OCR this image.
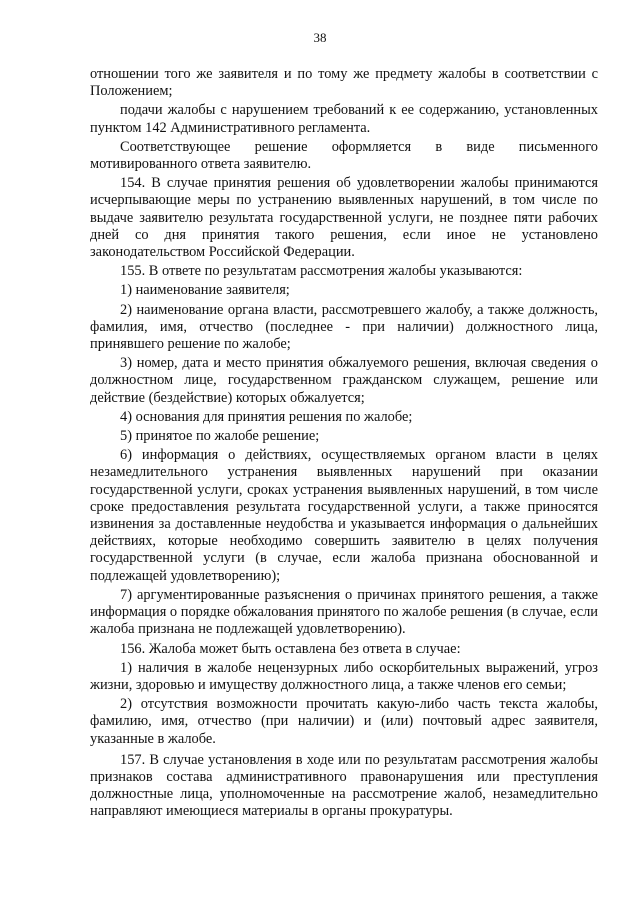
38

отношении того же заявителя и по тому же предмету жалобы в соответствии с Положением;

подачи жалобы с нарушением требований к ее содержанию, установленных пунктом 142 Административного регламента.

Соответствующее решение оформляется в виде письменного мотивированного ответа заявителю.

154. В случае принятия решения об удовлетворении жалобы принимаются исчерпывающие меры по устранению выявленных нарушений, в том числе по выдаче заявителю результата государственной услуги, не позднее пяти рабочих дней со дня принятия такого решения, если иное не установлено законодательством Российской Федерации.

155. В ответе по результатам рассмотрения жалобы указываются:

1) наименование заявителя;

2) наименование органа власти, рассмотревшего жалобу, а также должность, фамилия, имя, отчество (последнее - при наличии) должностного лица, принявшего решение по жалобе;

3) номер, дата и место принятия обжалуемого решения, включая сведения о должностном лице, государственном гражданском служащем, решение или действие (бездействие) которых обжалуется;

4) основания для принятия решения по жалобе;

5) принятое по жалобе решение;

6) информация о действиях, осуществляемых органом власти в целях незамедлительного устранения выявленных нарушений при оказании государственной услуги, сроках устранения выявленных нарушений, в том числе сроке предоставления результата государственной услуги, а также приносятся извинения за доставленные неудобства и указывается информация о дальнейших действиях, которые необходимо совершить заявителю в целях получения государственной услуги (в случае, если жалоба признана обоснованной и подлежащей удовлетворению);

7) аргументированные разъяснения о причинах принятого решения, а также информация о порядке обжалования принятого по жалобе решения (в случае, если жалоба признана не подлежащей удовлетворению).

156. Жалоба может быть оставлена без ответа в случае:

1) наличия в жалобе нецензурных либо оскорбительных выражений, угроз жизни, здоровью и имуществу должностного лица, а также членов его семьи;

2) отсутствия возможности прочитать какую-либо часть текста жалобы, фамилию, имя, отчество (при наличии) и (или) почтовый адрес заявителя, указанные в жалобе.

157. В случае установления в ходе или по результатам рассмотрения жалобы признаков состава административного правонарушения или преступления должностные лица, уполномоченные на рассмотрение жалоб, незамедлительно направляют имеющиеся материалы в органы прокуратуры.
